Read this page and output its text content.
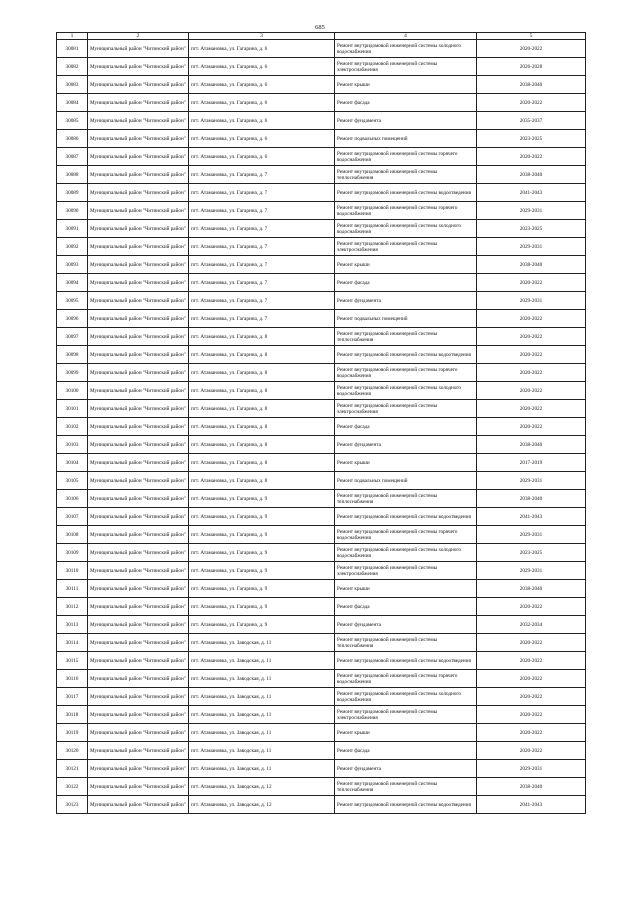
685
1	2	3	4	5
30081	Муниципальный район "Читинский район"	пгт. Атамановка, ул. Гагарина, д. 6	Ремонт внутридомовой инженерной системы холодного водоснабжения	2020-2022
30082	Муниципальный район "Читинский район"	пгт. Атамановка, ул. Гагарина, д. 6	Ремонт внутридомовой инженерной системы электроснабжения	2026-2028
30083	Муниципальный район "Читинский район"	пгт. Атамановка, ул. Гагарина, д. 6	Ремонт крыши	2038-2040
30084	Муниципальный район "Читинский район"	пгт. Атамановка, ул. Гагарина, д. 6	Ремонт фасада	2020-2022
30085	Муниципальный район "Читинский район"	пгт. Атамановка, ул. Гагарина, д. 6	Ремонт фундамента	2035-2037
30086	Муниципальный район "Читинский район"	пгт. Атамановка, ул. Гагарина, д. 6	Ремонт подвальных помещений	2023-2025
30087	Муниципальный район "Читинский район"	пгт. Атамановка, ул. Гагарина, д. 6	Ремонт внутридомовой инженерной системы горячего водоснабжения	2020-2022
30088	Муниципальный район "Читинский район"	пгт. Атамановка, ул. Гагарина, д. 7	Ремонт внутридомовой инженерной системы теплоснабжения	2038-2040
30089	Муниципальный район "Читинский район"	пгт. Атамановка, ул. Гагарина, д. 7	Ремонт внутридомовой инженерной системы водоотведения	2041-2043
30090	Муниципальный район "Читинский район"	пгт. Атамановка, ул. Гагарина, д. 7	Ремонт внутридомовой инженерной системы горячего водоснабжения	2029-2031
30091	Муниципальный район "Читинский район"	пгт. Атамановка, ул. Гагарина, д. 7	Ремонт внутридомовой инженерной системы холодного водоснабжения	2023-2025
30092	Муниципальный район "Читинский район"	пгт. Атамановка, ул. Гагарина, д. 7	Ремонт внутридомовой инженерной системы электроснабжения	2029-2031
30093	Муниципальный район "Читинский район"	пгт. Атамановка, ул. Гагарина, д. 7	Ремонт крыши	2038-2040
30094	Муниципальный район "Читинский район"	пгт. Атамановка, ул. Гагарина, д. 7	Ремонт фасада	2020-2022
30095	Муниципальный район "Читинский район"	пгт. Атамановка, ул. Гагарина, д. 7	Ремонт фундамента	2029-2031
30096	Муниципальный район "Читинский район"	пгт. Атамановка, ул. Гагарина, д. 7	Ремонт подвальных помещений	2020-2022
30097	Муниципальный район "Читинский район"	пгт. Атамановка, ул. Гагарина, д. 8	Ремонт внутридомовой инженерной системы теплоснабжения	2020-2022
30098	Муниципальный район "Читинский район"	пгт. Атамановка, ул. Гагарина, д. 8	Ремонт внутридомовой инженерной системы водоотведения	2020-2022
30099	Муниципальный район "Читинский район"	пгт. Атамановка, ул. Гагарина, д. 8	Ремонт внутридомовой инженерной системы горячего водоснабжения	2020-2022
30100	Муниципальный район "Читинский район"	пгт. Атамановка, ул. Гагарина, д. 8	Ремонт внутридомовой инженерной системы холодного водоснабжения	2020-2022
30101	Муниципальный район "Читинский район"	пгт. Атамановка, ул. Гагарина, д. 8	Ремонт внутридомовой инженерной системы электроснабжения	2020-2022
30102	Муниципальный район "Читинский район"	пгт. Атамановка, ул. Гагарина, д. 8	Ремонт фасада	2020-2022
30103	Муниципальный район "Читинский район"	пгт. Атамановка, ул. Гагарина, д. 8	Ремонт фундамента	2038-2040
30104	Муниципальный район "Читинский район"	пгт. Атамановка, ул. Гагарина, д. 8	Ремонт крыши	2017-2019
30105	Муниципальный район "Читинский район"	пгт. Атамановка, ул. Гагарина, д. 8	Ремонт подвальных помещений	2029-2031
30106	Муниципальный район "Читинский район"	пгт. Атамановка, ул. Гагарина, д. 9	Ремонт внутридомовой инженерной системы теплоснабжения	2038-2040
30107	Муниципальный район "Читинский район"	пгт. Атамановка, ул. Гагарина, д. 9	Ремонт внутридомовой инженерной системы водоотведения	2041-2043
30108	Муниципальный район "Читинский район"	пгт. Атамановка, ул. Гагарина, д. 9	Ремонт внутридомовой инженерной системы горячего водоснабжения	2029-2031
30109	Муниципальный район "Читинский район"	пгт. Атамановка, ул. Гагарина, д. 9	Ремонт внутридомовой инженерной системы холодного водоснабжения	2023-2025
30110	Муниципальный район "Читинский район"	пгт. Атамановка, ул. Гагарина, д. 9	Ремонт внутридомовой инженерной системы электроснабжения	2029-2031
30111	Муниципальный район "Читинский район"	пгт. Атамановка, ул. Гагарина, д. 9	Ремонт крыши	2038-2040
30112	Муниципальный район "Читинский район"	пгт. Атамановка, ул. Гагарина, д. 9	Ремонт фасада	2020-2022
30113	Муниципальный район "Читинский район"	пгт. Атамановка, ул. Гагарина, д. 9	Ремонт фундамента	2032-2034
30114	Муниципальный район "Читинский район"	пгт. Атамановка, ул. Заводская, д. 11	Ремонт внутридомовой инженерной системы теплоснабжения	2020-2022
30115	Муниципальный район "Читинский район"	пгт. Атамановка, ул. Заводская, д. 11	Ремонт внутридомовой инженерной системы водоотведения	2020-2022
30116	Муниципальный район "Читинский район"	пгт. Атамановка, ул. Заводская, д. 11	Ремонт внутридомовой инженерной системы горячего водоснабжения	2020-2022
30117	Муниципальный район "Читинский район"	пгт. Атамановка, ул. Заводская, д. 11	Ремонт внутридомовой инженерной системы холодного водоснабжения	2020-2022
30118	Муниципальный район "Читинский район"	пгт. Атамановка, ул. Заводская, д. 11	Ремонт внутридомовой инженерной системы электроснабжения	2020-2022
30119	Муниципальный район "Читинский район"	пгт. Атамановка, ул. Заводская, д. 11	Ремонт крыши	2020-2022
30120	Муниципальный район "Читинский район"	пгт. Атамановка, ул. Заводская, д. 11	Ремонт фасада	2020-2022
30121	Муниципальный район "Читинский район"	пгт. Атамановка, ул. Заводская, д. 11	Ремонт фундамента	2029-2031
30122	Муниципальный район "Читинский район"	пгт. Атамановка, ул. Заводская, д. 12	Ремонт внутридомовой инженерной системы теплоснабжения	2038-2040
30123	Муниципальный район "Читинский район"	пгт. Атамановка, ул. Заводская, д. 12	Ремонт внутридомовой инженерной системы водоотведения	2041-2043
